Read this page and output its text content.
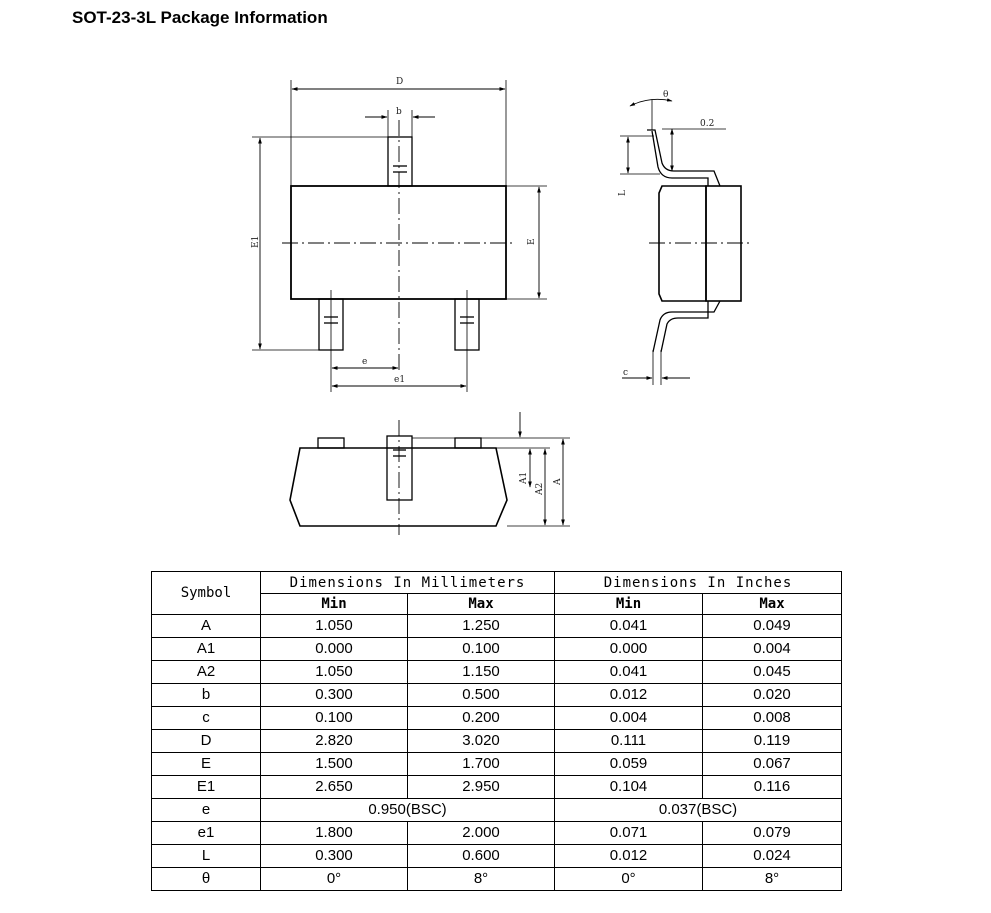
SOT-23-3L Package Information
D
b
E1	E
e
e1
θ
0.2
L
c
A1
A2
A
Symbol	Dimensions In Millimeters		Dimensions In Inches	
	Min	Max	Min	Max
A	1.050	1.250	0.041	0.049
A1	0.000	0.100	0.000	0.004
A2	1.050	1.150	0.041	0.045
b	0.300	0.500	0.012	0.020
c	0.100	0.200	0.004	0.008
D	2.820	3.020	0.111	0.119
E	1.500	1.700	0.059	0.067
E1	2.650	2.950	0.104	0.116
e	0.950(BSC)		0.037(BSC)	
e1	1.800	2.000	0.071	0.079
L	0.300	0.600	0.012	0.024
θ	0°	8°	0°	8°
